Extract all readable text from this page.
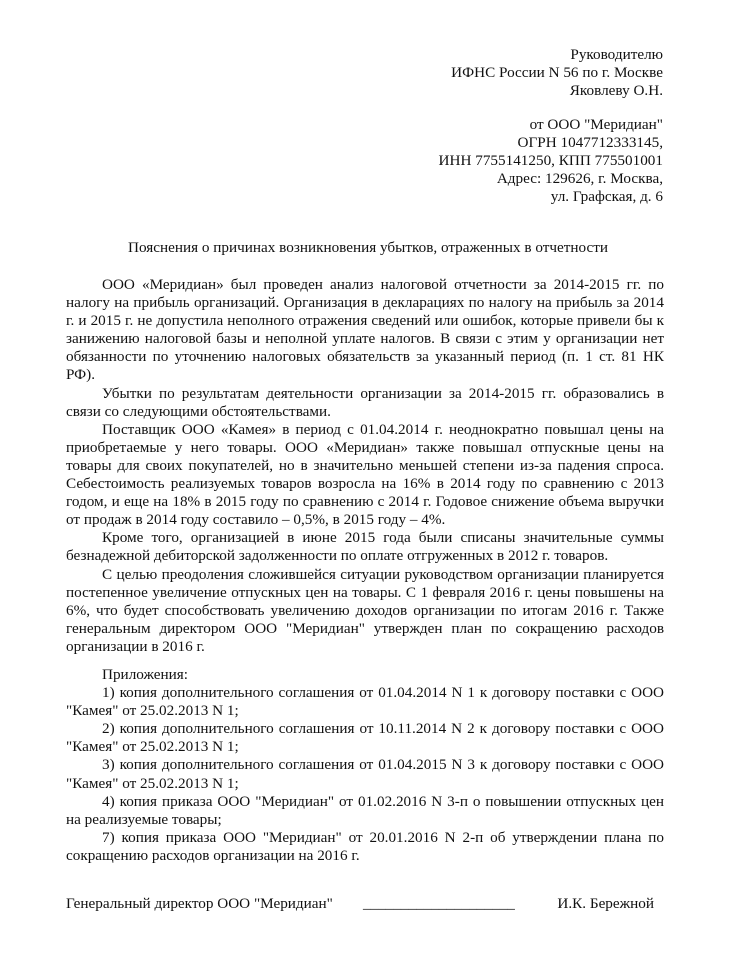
Руководителю
ИФНС России N 56 по г. Москве
Яковлеву О.Н.
от ООО "Меридиан"
ОГРН 1047712333145,
ИНН 7755141250, КПП 775501001
Адрес: 129626, г. Москва,
ул. Графская, д. 6
Пояснения о причинах возникновения убытков, отраженных в отчетности

ООО «Меридиан» был проведен анализ налоговой отчетности за 2014-2015 гг. по налогу на прибыль организаций. Организация в декларациях по налогу на прибыль за 2014 г. и 2015 г. не допустила неполного отражения сведений или ошибок, которые привели бы к занижению налоговой базы и неполной уплате налогов. В связи с этим у организации нет обязанности по уточнению налоговых обязательств за указанный период (п. 1 ст. 81 НК РФ).

Убытки по результатам деятельности организации за 2014-2015 гг. образовались в связи со следующими обстоятельствами.

Поставщик ООО «Камея» в период с 01.04.2014 г. неоднократно повышал цены на приобретаемые у него товары. ООО «Меридиан» также повышал отпускные цены на товары для своих покупателей, но в значительно меньшей степени из-за падения спроса. Себестоимость реализуемых товаров возросла на 16% в 2014 году по сравнению с 2013 годом, и еще на 18% в 2015 году по сравнению с 2014 г. Годовое снижение объема выручки от продаж в 2014 году составило – 0,5%, в 2015 году – 4%.

Кроме того, организацией в июне 2015 года были списаны значительные суммы безнадежной дебиторской задолженности по оплате отгруженных в 2012 г. товаров.

С целью преодоления сложившейся ситуации руководством организации планируется постепенное увеличение отпускных цен на товары. С 1 февраля 2016 г. цены повышены на 6%, что будет способствовать увеличению доходов организации по итогам 2016 г. Также генеральным директором ООО "Меридиан" утвержден план по сокращению расходов организации в 2016 г.

Приложения:

1) копия дополнительного соглашения от 01.04.2014 N 1 к договору поставки с ООО "Камея" от 25.02.2013 N 1;

2) копия дополнительного соглашения от 10.11.2014 N 2 к договору поставки с ООО "Камея" от 25.02.2013 N 1;

3) копия дополнительного соглашения от 01.04.2015 N 3 к договору поставки с ООО "Камея" от 25.02.2013 N 1;

4) копия приказа ООО "Меридиан" от 01.02.2016 N 3-п о повышении отпускных цен на реализуемые товары;

7) копия приказа ООО "Меридиан" от 20.01.2016 N 2-п об утверждении плана по сокращению расходов организации на 2016 г.

Генеральный директор ООО "Меридиан" ____________________	И.К. Бережной
